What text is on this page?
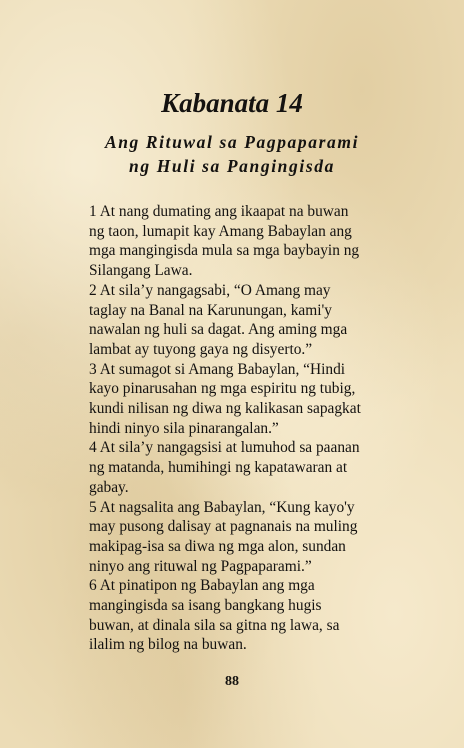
Kabanata 14
Ang Rituwal sa Pagpaparami
ng Huli sa Pangingisda
1 At nang dumating ang ikaapat na buwan
ng taon, lumapit kay Amang Babaylan ang
mga mangingisda mula sa mga baybayin ng
Silangang Lawa.
2 At sila’y nangagsabi, “O Amang may
taglay na Banal na Karunungan, kami'y
nawalan ng huli sa dagat. Ang aming mga
lambat ay tuyong gaya ng disyerto.”
3 At sumagot si Amang Babaylan, “Hindi
kayo pinarusahan ng mga espiritu ng tubig,
kundi nilisan ng diwa ng kalikasan sapagkat
hindi ninyo sila pinarangalan.”
4 At sila’y nangagsisi at lumuhod sa paanan
ng matanda, humihingi ng kapatawaran at
gabay.
5 At nagsalita ang Babaylan, “Kung kayo'y
may pusong dalisay at pagnanais na muling
makipag-isa sa diwa ng mga alon, sundan
ninyo ang rituwal ng Pagpaparami.”
6 At pinatipon ng Babaylan ang mga
mangingisda sa isang bangkang hugis
buwan, at dinala sila sa gitna ng lawa, sa
ilalim ng bilog na buwan.
88
